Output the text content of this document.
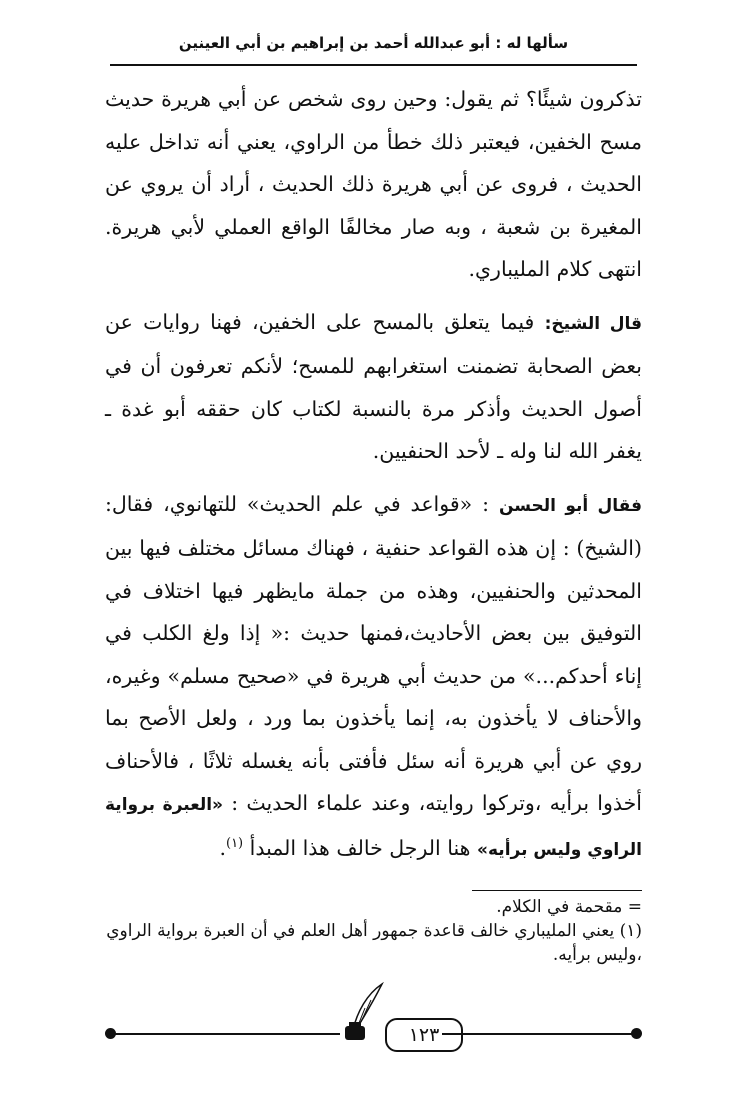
سألها له : أبو عبدالله أحمد بن إبراهيم بن أبي العينين

تذكرون شيئًا؟ ثم يقول: وحين روى شخص عن أبي هريرة حديث مسح الخفين، فيعتبر ذلك خطأ من الراوي، يعني أنه تداخل عليه الحديث ، فروى عن أبي هريرة ذلك الحديث ، أراد أن يروي عن المغيرة بن شعبة ، وبه صار مخالفًا الواقع العملي لأبي هريرة. انتهى كلام المليباري.

قال الشيخ: فيما يتعلق بالمسح على الخفين، فهنا روايات عن بعض الصحابة تضمنت استغرابهم للمسح؛ لأنكم تعرفون أن في أصول الحديث وأذكر مرة بالنسبة لكتاب كان حققه أبو غدة ـ يغفر الله لنا وله ـ لأحد الحنفيين.

فقال أبو الحسن : «قواعد في علم الحديث» للتهانوي، فقال: (الشيخ) : إن هذه القواعد حنفية ، فهناك مسائل مختلف فيها بين المحدثين والحنفيين، وهذه من جملة مايظهر فيها اختلاف في التوفيق بين بعض الأحاديث،فمنها حديث :« إذا ولغ الكلب في إناء أحدكم...» من حديث أبي هريرة في «صحيح مسلم» وغيره، والأحناف لا يأخذون به، إنما يأخذون بما ورد ، ولعل الأصح بما روي عن أبي هريرة أنه سئل فأفتى بأنه يغسله ثلاثًا ، فالأحناف أخذوا برأيه ،وتركوا روايته، وعند علماء الحديث : «العبرة برواية الراوي وليس برأيه» هنا الرجل خالف هذا المبدأ $^{(١)}$.

= مقحمة في الكلام.

(١) يعني المليباري خالف قاعدة جمهور أهل العلم في أن العبرة برواية الراوي ،وليس برأيه.

١٢٣
